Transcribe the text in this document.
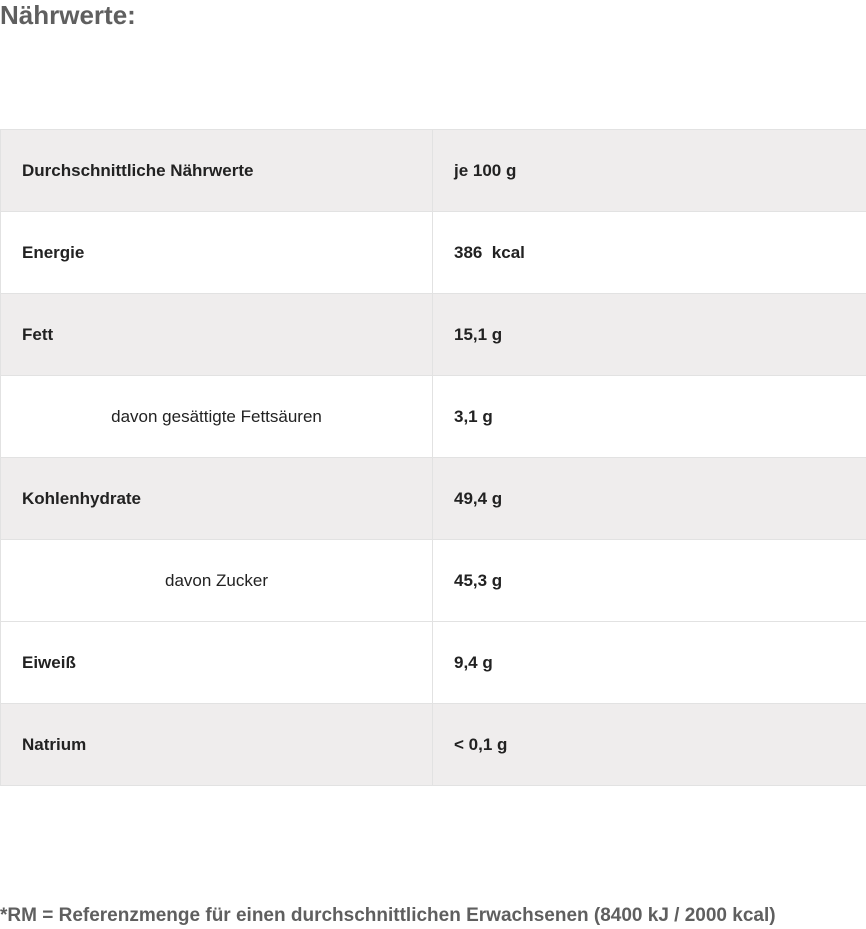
Nährwerte:
Durchschnittliche Nährwerte	je 100 g
Energie	386  kcal
Fett	15,1 g
davon gesättigte Fettsäuren	3,1 g
Kohlenhydrate	49,4 g
davon Zucker	45,3 g
Eiweiß	9,4 g
Natrium	< 0,1 g

*RM = Referenzmenge für einen durchschnittlichen Erwachsenen (8400 kJ / 2000 kcal)
